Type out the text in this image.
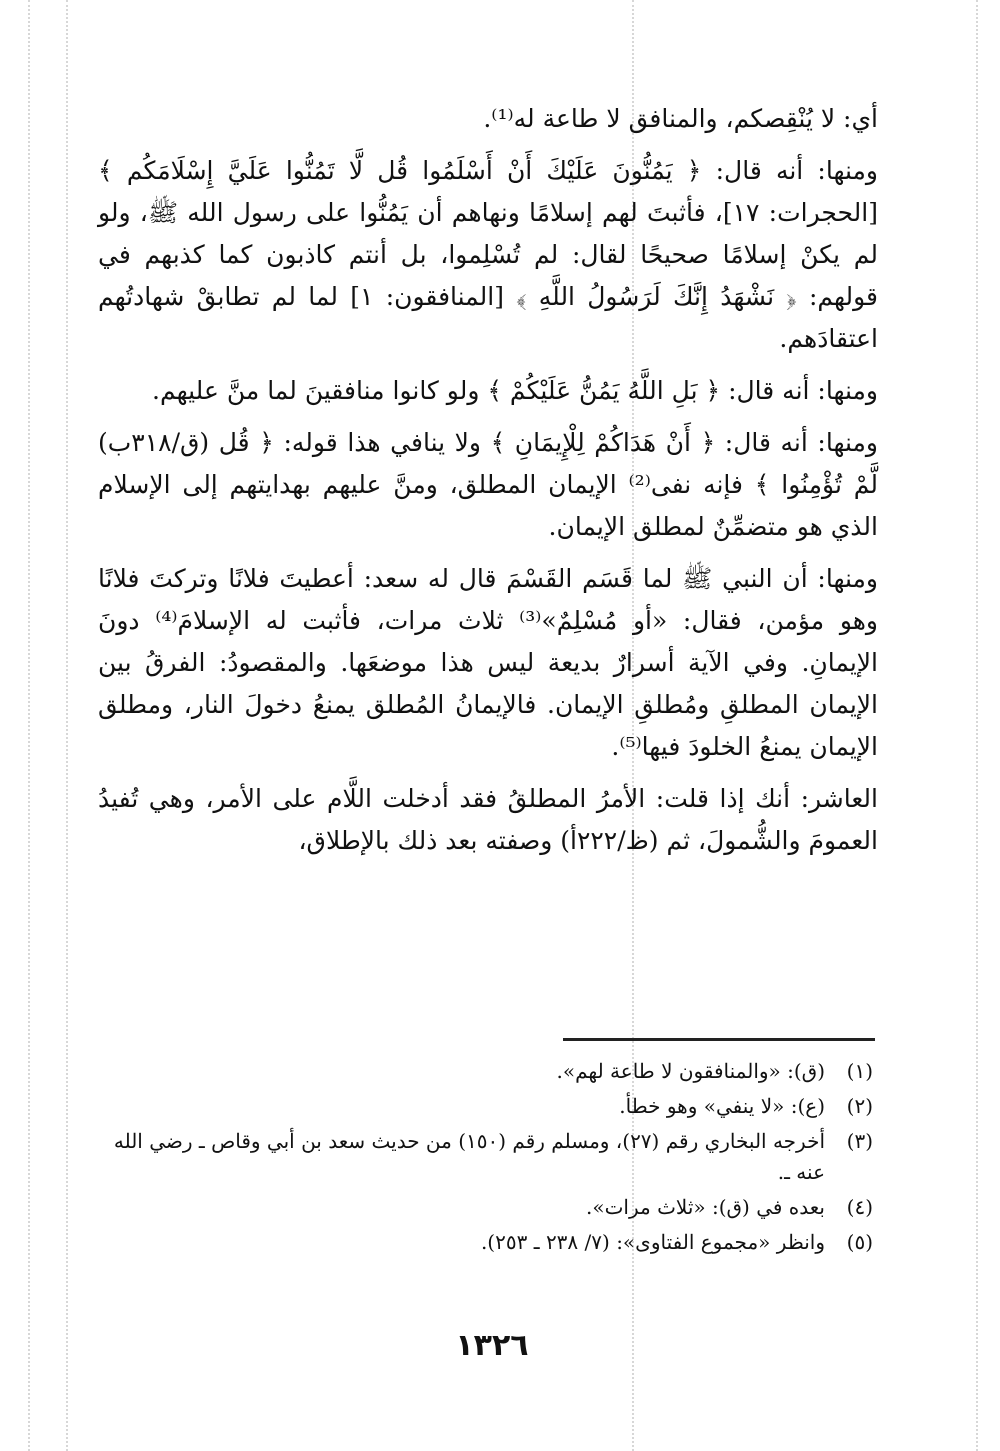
أي: لا يُنْقِصكم، والمنافق لا طاعة له⁽¹⁾.

ومنها: أنه قال: ﴿ يَمُنُّونَ عَلَيْكَ أَنْ أَسْلَمُوا قُل لَّا تَمُنُّوا عَلَيَّ إِسْلَامَكُم ﴾ [الحجرات: ١٧]، فأثبتَ لهم إسلامًا ونهاهم أن يَمُنُّوا على رسول الله ﷺ، ولو لم يكنْ إسلامًا صحيحًا لقال: لم تُسْلِموا، بل أنتم كاذبون كما كذبهم في قولهم: ﴿ نَشْهَدُ إِنَّكَ لَرَسُولُ اللَّهِ ﴾ [المنافقون: ١] لما لم تطابقْ شهادتُهم اعتقادَهم.

ومنها: أنه قال: ﴿ بَلِ اللَّهُ يَمُنُّ عَلَيْكُمْ ﴾ ولو كانوا منافقينَ لما منَّ عليهم.

ومنها: أنه قال: ﴿ أَنْ هَدَاكُمْ لِلْإِيمَانِ ﴾ ولا ينافي هذا قوله: ﴿ قُل (ق/٣١٨ب) لَّمْ تُؤْمِنُوا ﴾ فإنه نفى⁽²⁾ الإيمان المطلق، ومنَّ عليهم بهدايتهم إلى الإسلام الذي هو متضمِّنٌ لمطلق الإيمان.

ومنها: أن النبي ﷺ لما قَسَم القَسْمَ قال له سعد: أعطيتَ فلانًا وتركتَ فلانًا وهو مؤمن، فقال: «أو مُسْلِمٌ»⁽³⁾ ثلاث مرات، فأثبت له الإسلامَ⁽⁴⁾ دونَ الإيمانِ. وفي الآية أسرارٌ بديعة ليس هذا موضعَها. والمقصودُ: الفرقُ بين الإيمان المطلقِ ومُطلقِ الإيمان. فالإيمانُ المُطلق يمنعُ دخولَ النار، ومطلق الإيمان يمنعُ الخلودَ فيها⁽⁵⁾.

العاشر: أنك إذا قلت: الأمرُ المطلقُ فقد أدخلت اللَّام على الأمر، وهي تُفيدُ العمومَ والشُّمولَ، ثم (ظ/٢٢٢أ) وصفته بعد ذلك بالإطلاق،

(١)
(ق): «والمنافقون لا طاعة لهم».
(٢)
(ع): «لا ينفي» وهو خطأ.
(٣)
أخرجه البخاري رقم (٢٧)، ومسلم رقم (١٥٠) من حديث سعد بن أبي وقاص ـ رضي الله عنه ـ.
(٤)
بعده في (ق): «ثلاث مرات».
(٥)
وانظر «مجموع الفتاوى»: (٧/ ٢٣٨ ـ ٢٥٣).
١٣٢٦
